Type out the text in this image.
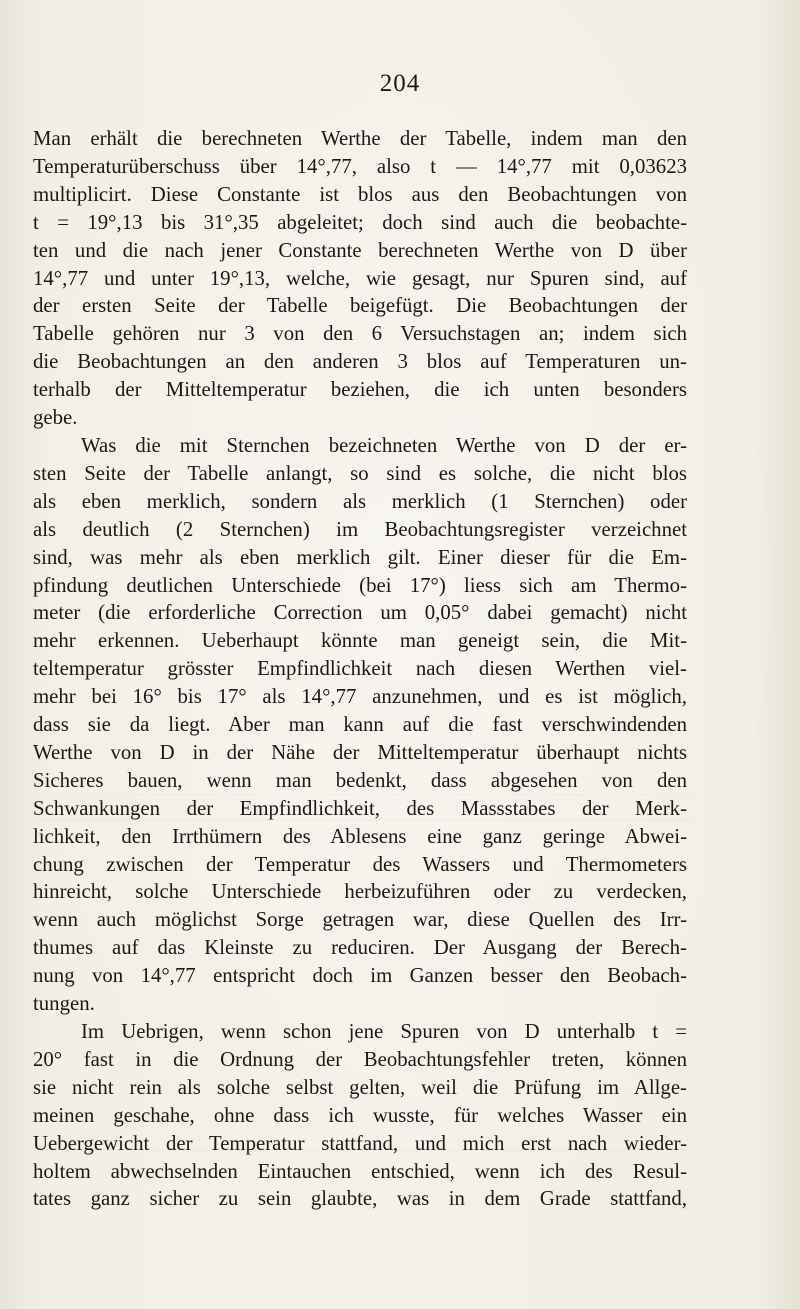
204
Man erhält die berechneten Werthe der Tabelle, indem man den
Temperaturüberschuss über 14°,77, also t — 14°,77 mit 0,03623
multiplicirt. Diese Constante ist blos aus den Beobachtungen von
t = 19°,13 bis 31°,35 abgeleitet; doch sind auch die beobachte-
ten und die nach jener Constante berechneten Werthe von D über
14°,77 und unter 19°,13, welche, wie gesagt, nur Spuren sind, auf
der ersten Seite der Tabelle beigefügt. Die Beobachtungen der
Tabelle gehören nur 3 von den 6 Versuchstagen an; indem sich
die Beobachtungen an den anderen 3 blos auf Temperaturen un-
terhalb der Mitteltemperatur beziehen, die ich unten besonders
gebe.
Was die mit Sternchen bezeichneten Werthe von D der er-
sten Seite der Tabelle anlangt, so sind es solche, die nicht blos
als eben merklich, sondern als merklich (1 Sternchen) oder
als deutlich (2 Sternchen) im Beobachtungsregister verzeichnet
sind, was mehr als eben merklich gilt. Einer dieser für die Em-
pfindung deutlichen Unterschiede (bei 17°) liess sich am Thermo-
meter (die erforderliche Correction um 0,05° dabei gemacht) nicht
mehr erkennen. Ueberhaupt könnte man geneigt sein, die Mit-
teltemperatur grösster Empfindlichkeit nach diesen Werthen viel-
mehr bei 16° bis 17° als 14°,77 anzunehmen, und es ist möglich,
dass sie da liegt. Aber man kann auf die fast verschwindenden
Werthe von D in der Nähe der Mitteltemperatur überhaupt nichts
Sicheres bauen, wenn man bedenkt, dass abgesehen von den
Schwankungen der Empfindlichkeit, des Massstabes der Merk-
lichkeit, den Irrthümern des Ablesens eine ganz geringe Abwei-
chung zwischen der Temperatur des Wassers und Thermometers
hinreicht, solche Unterschiede herbeizuführen oder zu verdecken,
wenn auch möglichst Sorge getragen war, diese Quellen des Irr-
thumes auf das Kleinste zu reduciren. Der Ausgang der Berech-
nung von 14°,77 entspricht doch im Ganzen besser den Beobach-
tungen.
Im Uebrigen, wenn schon jene Spuren von D unterhalb t =
20° fast in die Ordnung der Beobachtungsfehler treten, können
sie nicht rein als solche selbst gelten, weil die Prüfung im Allge-
meinen geschahe, ohne dass ich wusste, für welches Wasser ein
Uebergewicht der Temperatur stattfand, und mich erst nach wieder-
holtem abwechselnden Eintauchen entschied, wenn ich des Resul-
tates ganz sicher zu sein glaubte, was in dem Grade stattfand,
